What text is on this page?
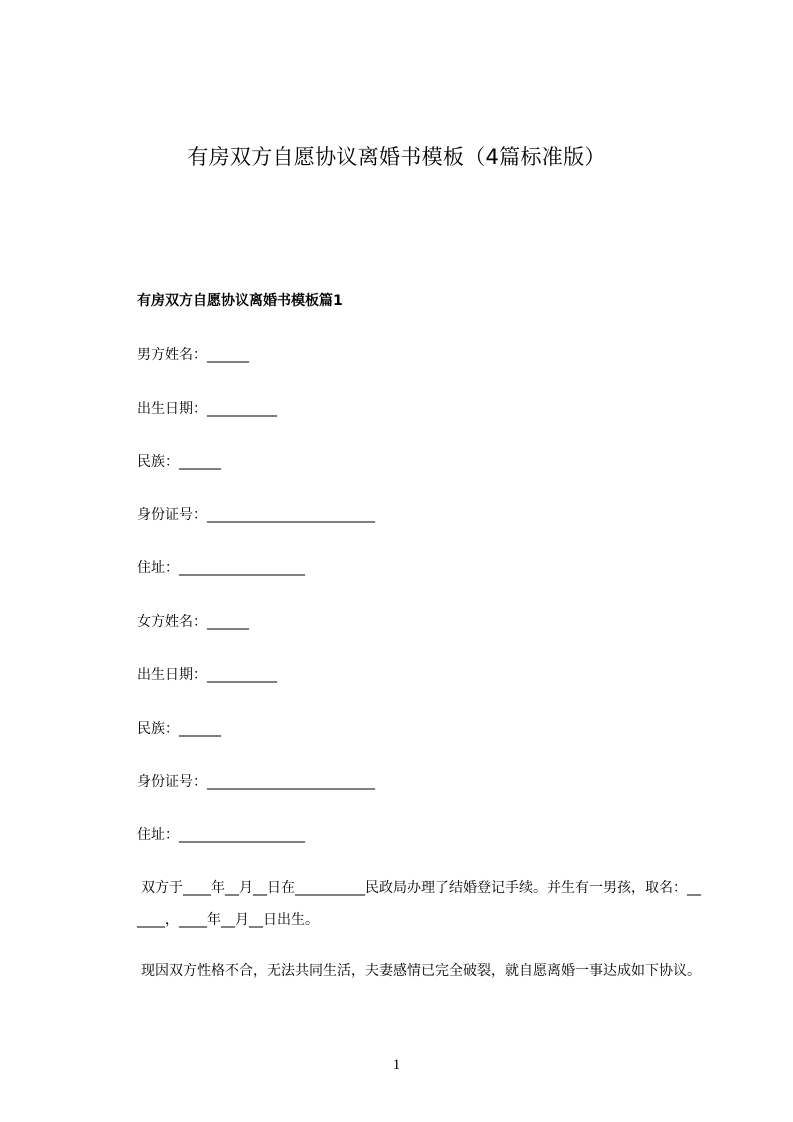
有房双方自愿协议离婚书模板（4篇标准版）
有房双方自愿协议离婚书模板篇1
男方姓名：______
出生日期：__________
民族：______
身份证号：________________________
住址：__________________
女方姓名：______
出生日期：__________
民族：______
身份证号：________________________
住址：__________________
双方于____年__月__日在__________民政局办理了结婚登记手续。并生有一男孩，取名：______，____年__月__日出生。
现因双方性格不合，无法共同生活，夫妻感情已完全破裂，就自愿离婚一事达成如下协议。
1
